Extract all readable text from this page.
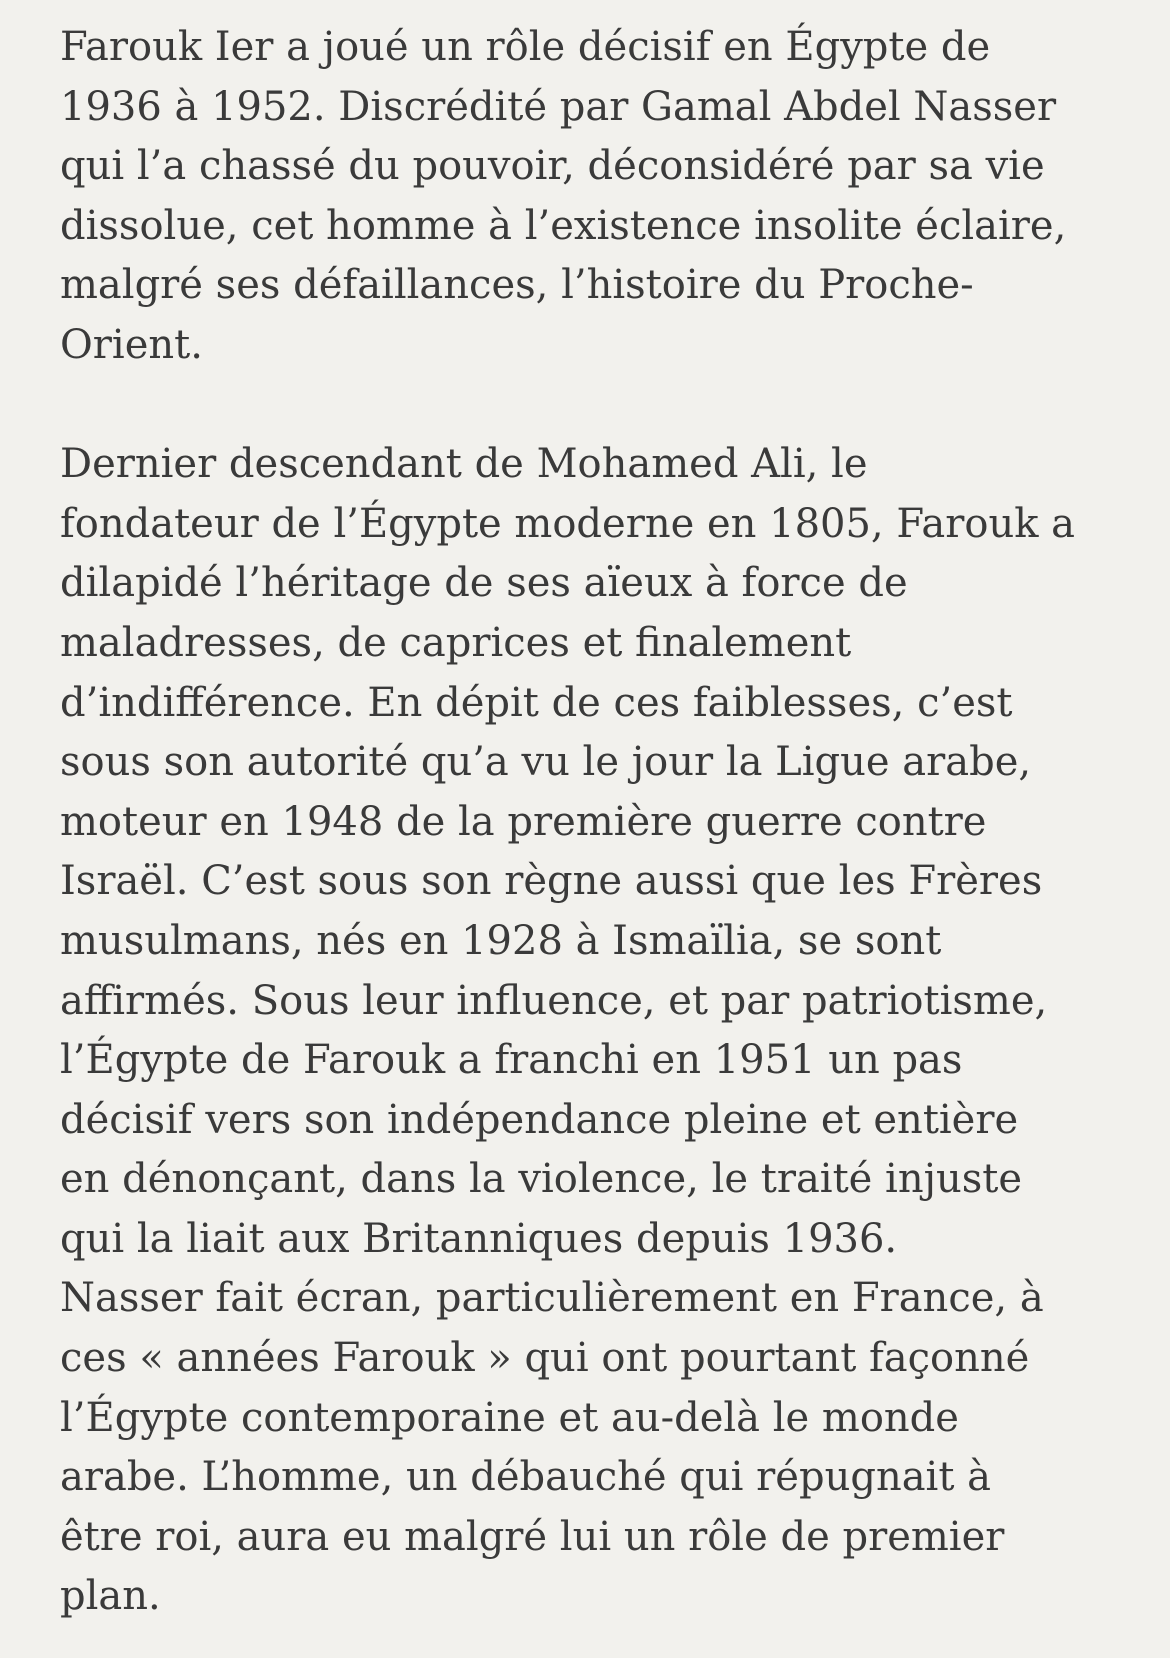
Farouk Ier a joué un rôle décisif en Égypte de
1936 à 1952. Discrédité par Gamal Abdel Nasser
qui l’a chassé du pouvoir, déconsidéré par sa vie
dissolue, cet homme à l’existence insolite éclaire,
malgré ses défaillances, l’histoire du Proche-
Orient.

Dernier descendant de Mohamed Ali, le
fondateur de l’Égypte moderne en 1805, Farouk a
dilapidé l’héritage de ses aïeux à force de
maladresses, de caprices et finalement
d’indifférence. En dépit de ces faiblesses, c’est
sous son autorité qu’a vu le jour la Ligue arabe,
moteur en 1948 de la première guerre contre
Israël. C’est sous son règne aussi que les Frères
musulmans, nés en 1928 à Ismaïlia, se sont
affirmés. Sous leur influence, et par patriotisme,
l’Égypte de Farouk a franchi en 1951 un pas
décisif vers son indépendance pleine et entière
en dénonçant, dans la violence, le traité injuste
qui la liait aux Britanniques depuis 1936.
Nasser fait écran, particulièrement en France, à
ces « années Farouk » qui ont pourtant façonné
l’Égypte contemporaine et au-delà le monde
arabe. L’homme, un débauché qui répugnait à
être roi, aura eu malgré lui un rôle de premier
plan.
